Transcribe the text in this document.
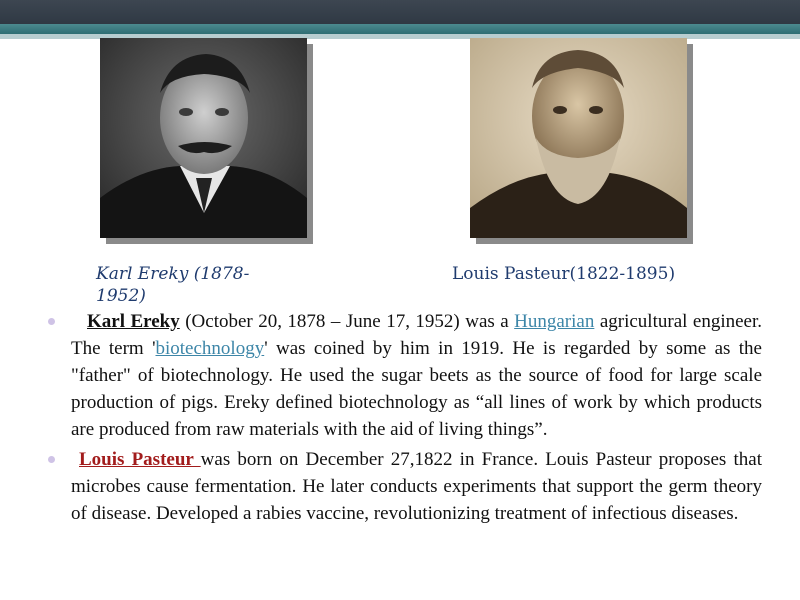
Karl Ereky (1878-1952)
Louis Pasteur(1822-1895)
Karl Ereky (October 20, 1878 – June 17, 1952) was a Hungarian agricultural engineer. The term 'biotechnology' was coined by him in 1919. He is regarded by some as the "father" of biotechnology. He used the sugar beets as the source of food for large scale production of pigs. Ereky defined biotechnology as “all lines of work by which products are produced from raw materials with the aid of living things”.
Louis Pasteur was born on December 27,1822 in France. Louis Pasteur proposes that microbes cause fermentation. He later conducts experiments that support the germ theory of disease. Developed a rabies vaccine, revolutionizing treatment of infectious diseases.
